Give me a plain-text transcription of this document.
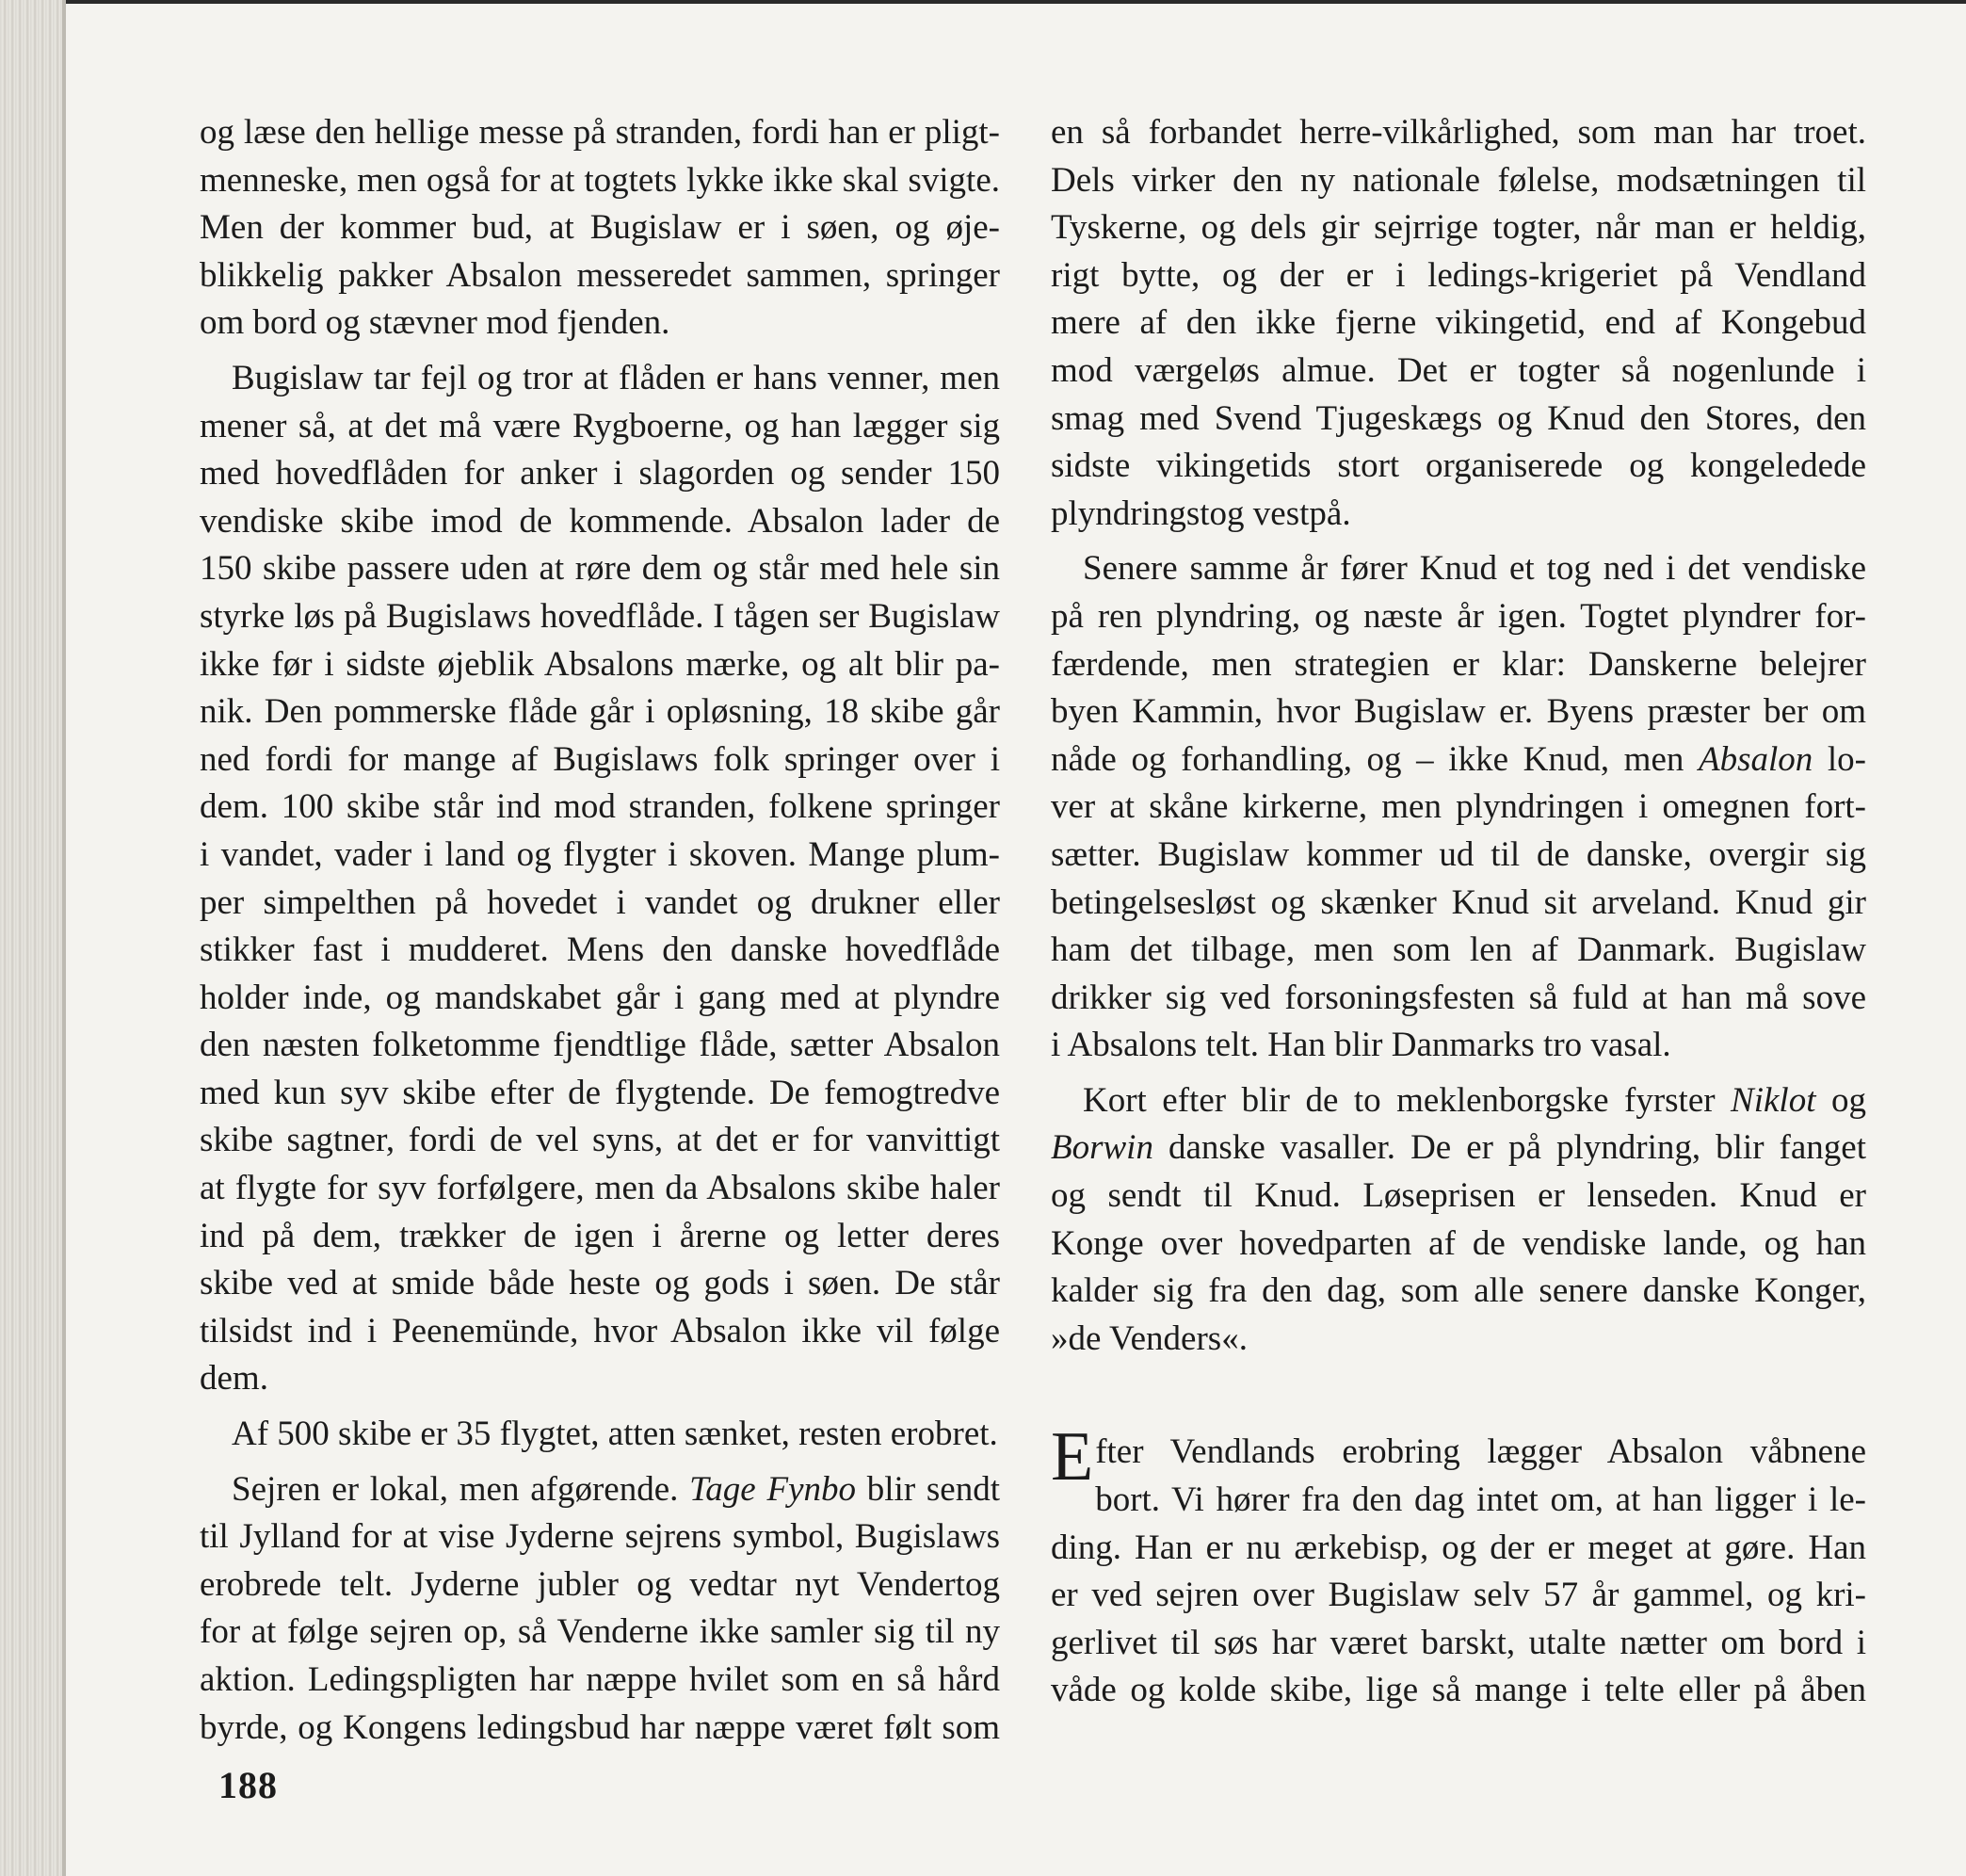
og læse den hellige messe på stranden, fordi han er pligt-
menneske, men også for at togtets lykke ikke skal svigte.
Men der kommer bud, at Bugislaw er i søen, og øje-
blikkelig pakker Absalon messeredet sammen, springer
om bord og stævner mod fjenden.

Bugislaw tar fejl og tror at flåden er hans venner, men
mener så, at det må være Rygboerne, og han lægger sig
med hovedflåden for anker i slagorden og sender 150
vendiske skibe imod de kommende. Absalon lader de
150 skibe passere uden at røre dem og står med hele sin
styrke løs på Bugislaws hovedflåde. I tågen ser Bugislaw
ikke før i sidste øjeblik Absalons mærke, og alt blir pa-
nik. Den pommerske flåde går i opløsning, 18 skibe går
ned fordi for mange af Bugislaws folk springer over i
dem. 100 skibe står ind mod stranden, folkene springer
i vandet, vader i land og flygter i skoven. Mange plum-
per simpelthen på hovedet i vandet og drukner eller
stikker fast i mudderet. Mens den danske hovedflåde
holder inde, og mandskabet går i gang med at plyndre
den næsten folketomme fjendtlige flåde, sætter Absalon
med kun syv skibe efter de flygtende. De femogtredve
skibe sagtner, fordi de vel syns, at det er for vanvittigt
at flygte for syv forfølgere, men da Absalons skibe haler
ind på dem, trækker de igen i årerne og letter deres
skibe ved at smide både heste og gods i søen. De står
tilsidst ind i Peenemünde, hvor Absalon ikke vil følge
dem.

Af 500 skibe er 35 flygtet, atten sænket, resten erobret.

Sejren er lokal, men afgørende. Tage Fynbo blir sendt
til Jylland for at vise Jyderne sejrens symbol, Bugislaws
erobrede telt. Jyderne jubler og vedtar nyt Vendertog
for at følge sejren op, så Venderne ikke samler sig til ny
aktion. Ledingspligten har næppe hvilet som en så hård
byrde, og Kongens ledingsbud har næppe været følt som

en så forbandet herre-vilkårlighed, som man har troet.
Dels virker den ny nationale følelse, modsætningen til
Tyskerne, og dels gir sejrrige togter, når man er heldig,
rigt bytte, og der er i ledings-krigeriet på Vendland
mere af den ikke fjerne vikingetid, end af Kongebud
mod værgeløs almue. Det er togter så nogenlunde i
smag med Svend Tjugeskægs og Knud den Stores, den
sidste vikingetids stort organiserede og kongeledede
plyndringstog vestpå.

Senere samme år fører Knud et tog ned i det vendiske
på ren plyndring, og næste år igen. Togtet plyndrer for-
færdende, men strategien er klar: Danskerne belejrer
byen Kammin, hvor Bugislaw er. Byens præster ber om
nåde og forhandling, og – ikke Knud, men Absalon lo-
ver at skåne kirkerne, men plyndringen i omegnen fort-
sætter. Bugislaw kommer ud til de danske, overgir sig
betingelsesløst og skænker Knud sit arveland. Knud gir
ham det tilbage, men som len af Danmark. Bugislaw
drikker sig ved forsoningsfesten så fuld at han må sove
i Absalons telt. Han blir Danmarks tro vasal.

Kort efter blir de to meklenborgske fyrster Niklot og
Borwin danske vasaller. De er på plyndring, blir fanget
og sendt til Knud. Løseprisen er lenseden. Knud er
Konge over hovedparten af de vendiske lande, og han
kalder sig fra den dag, som alle senere danske Konger,
»de Venders«.

Efter Vendlands erobring lægger Absalon våbnene
bort. Vi hører fra den dag intet om, at han ligger i le-
ding. Han er nu ærkebisp, og der er meget at gøre. Han
er ved sejren over Bugislaw selv 57 år gammel, og kri-
gerlivet til søs har været barskt, utalte nætter om bord i
våde og kolde skibe, lige så mange i telte eller på åben

188
